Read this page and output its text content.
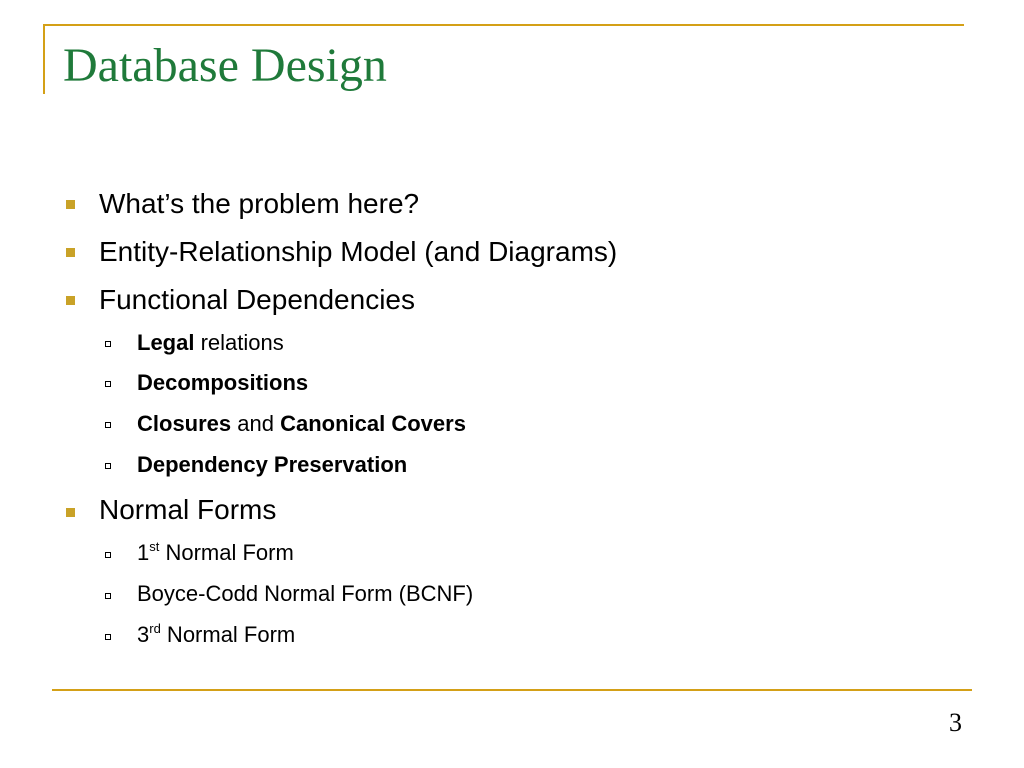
Database Design
What’s the problem here?
Entity-Relationship Model (and Diagrams)
Functional Dependencies
Legal relations
Decompositions
Closures and Canonical Covers
Dependency Preservation
Normal Forms
1st Normal Form
Boyce-Codd Normal Form (BCNF)
3rd Normal Form
3
